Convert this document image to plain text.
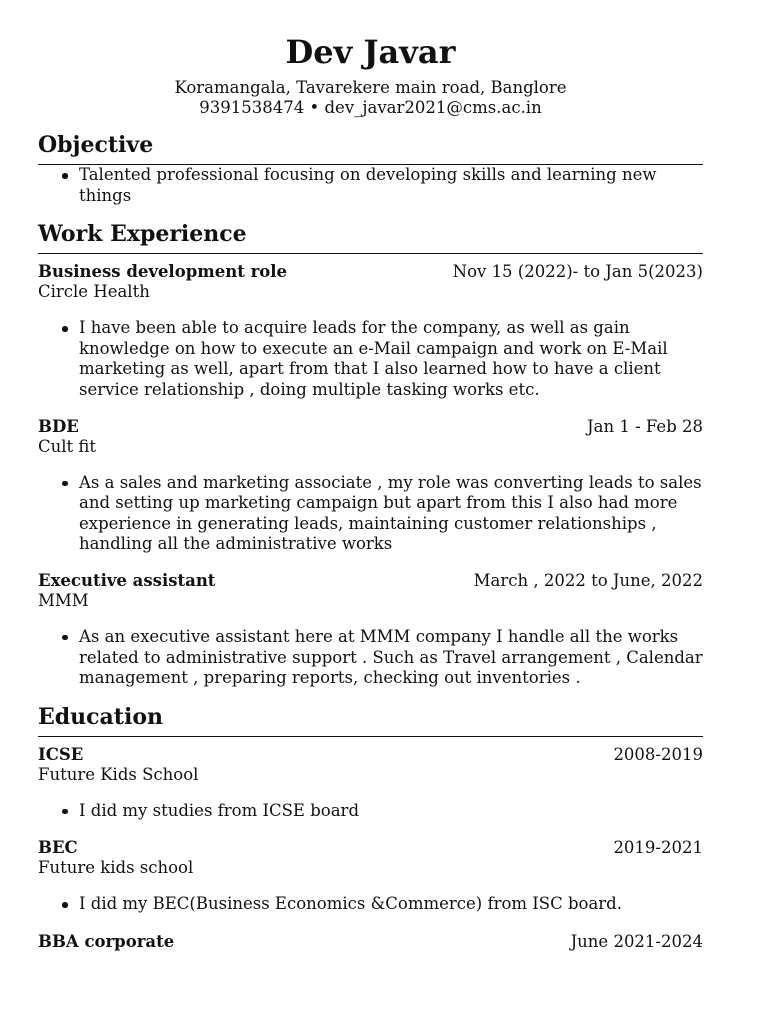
Dev Javar
Koramangala, Tavarekere main road, Banglore
9391538474 • dev_javar2021@cms.ac.in
Objective
Talented professional focusing on developing skills and learning new things
Work Experience
Business development role	Nov 15 (2022)- to Jan 5(2023)
Circle Health
I have been able to acquire leads for the company, as well as gain knowledge on how to execute an e-Mail campaign and work on E-Mail marketing as well, apart from that I also learned how to have a client service relationship , doing multiple tasking works etc.
BDE	Jan 1 - Feb 28
Cult fit
As a sales and marketing associate , my role was converting leads to sales and setting up marketing campaign but apart from this I also had more experience in generating leads, maintaining customer relationships , handling all the administrative works
Executive assistant	March , 2022 to June, 2022
MMM
As an executive assistant here at MMM company I handle all the works related to administrative support . Such as Travel arrangement , Calendar management , preparing reports, checking out inventories .
Education
ICSE	2008-2019
Future Kids School
I did my studies from ICSE board
BEC	2019-2021
Future kids school
I did my BEC(Business Economics &Commerce) from ISC board.
BBA corporate	June 2021-2024
